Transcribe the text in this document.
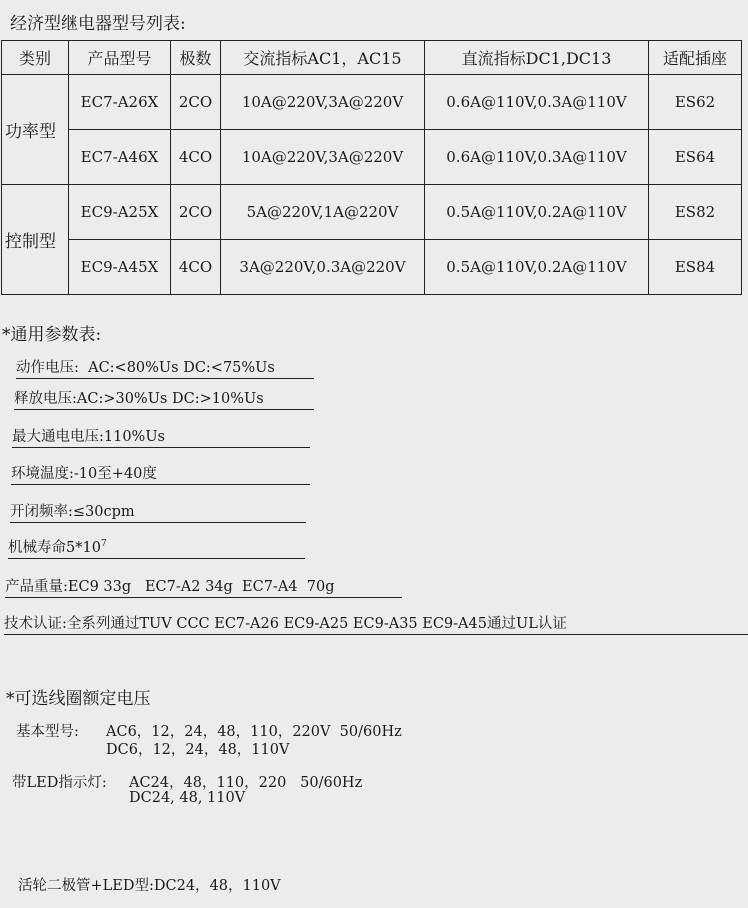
经济型继电器型号列表:
类别	产品型号	极数	交流指标AC1，AC15	直流指标DC1,DC13	适配插座
功率型	EC7-A26X	2CO	10A@220V,3A@220V	0.6A@110V,0.3A@110V	ES62
	EC7-A46X	4CO	10A@220V,3A@220V	0.6A@110V,0.3A@110V	ES64
控制型	EC9-A25X	2CO	5A@220V,1A@220V	0.5A@110V,0.2A@110V	ES82
	EC9-A45X	4CO	3A@220V,0.3A@220V	0.5A@110V,0.2A@110V	ES84
*通用参数表:
动作电压:  AC:<80%Us DC:<75%Us
释放电压:AC:>30%Us DC:>10%Us
最大通电电压:110%Us
环境温度:-10至+40度
开闭频率:≤30cpm
机械寿命$5*10^7$
产品重量:EC9 33g   EC7-A2 34g  EC7-A4  70g
技术认证:全系列通过TUV CCC EC7-A26 EC9-A25 EC9-A35 EC9-A45通过UL认证
*可选线圈额定电压
基本型号: AC6，12，24，48，110，220V  50/60Hz
DC6，12，24，48，110V
带LED指示灯: AC24，48，110，220   50/60Hz
DC24, 48, 110V
活轮二极管+LED型:DC24，48，110V
